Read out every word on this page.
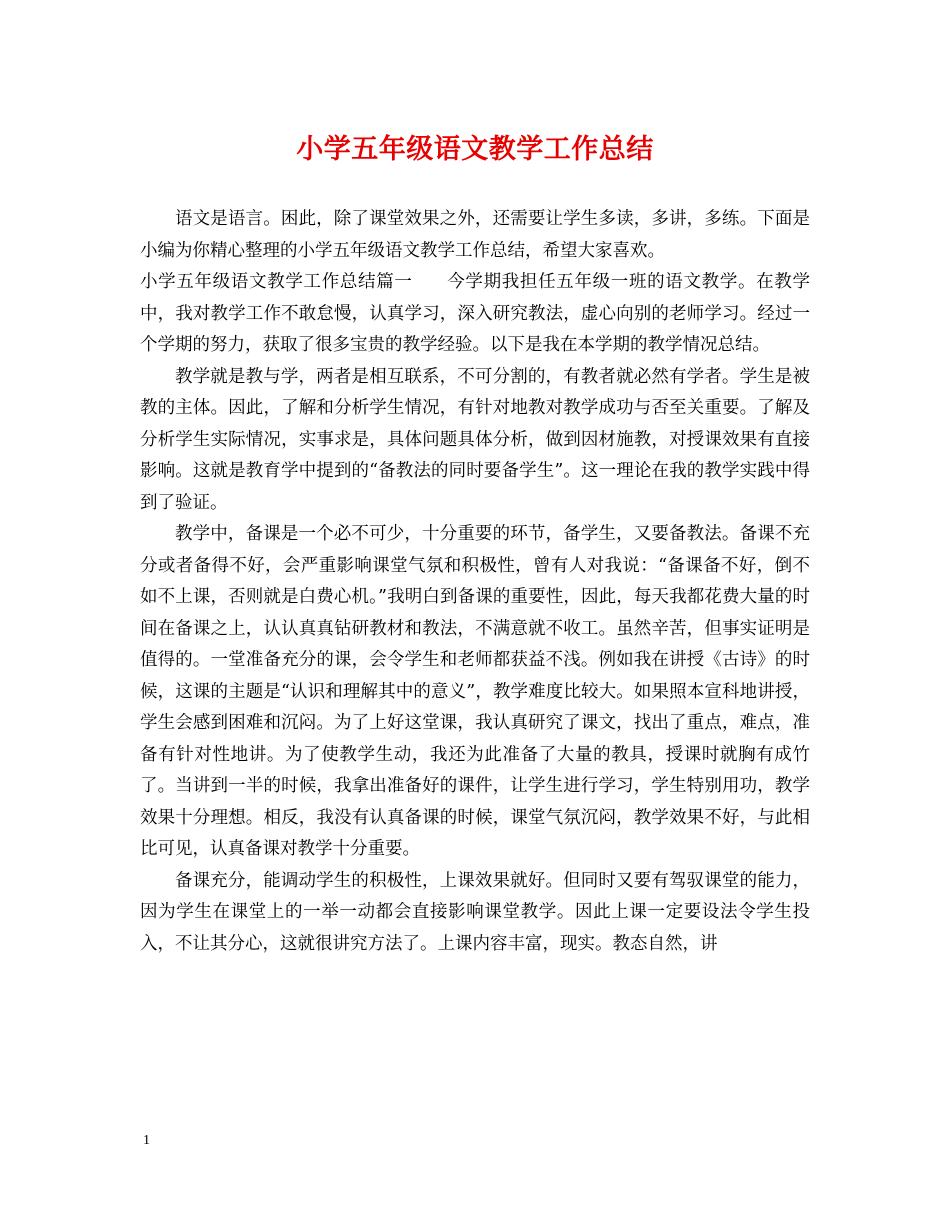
小学五年级语文教学工作总结

语文是语言。困此，除了课堂效果之外，还需要让学生多读，多讲，多练。下面是小编为你精心整理的小学五年级语文教学工作总结，希望大家喜欢。

小学五年级语文教学工作总结篇一 今学期我担任五年级一班的语文教学。在教学中，我对教学工作不敢怠慢，认真学习，深入研究教法，虚心向别的老师学习。经过一个学期的努力，获取了很多宝贵的教学经验。以下是我在本学期的教学情况总结。

教学就是教与学，两者是相互联系，不可分割的，有教者就必然有学者。学生是被教的主体。因此，了解和分析学生情况，有针对地教对教学成功与否至关重要。了解及分析学生实际情况，实事求是，具体问题具体分析，做到因材施教，对授课效果有直接影响。这就是教育学中提到的“备教法的同时要备学生”。这一理论在我的教学实践中得到了验证。

教学中，备课是一个必不可少，十分重要的环节，备学生，又要备教法。备课不充分或者备得不好，会严重影响课堂气氛和积极性，曾有人对我说：“备课备不好，倒不如不上课，否则就是白费心机。”我明白到备课的重要性，因此，每天我都花费大量的时间在备课之上，认认真真钻研教材和教法，不满意就不收工。虽然辛苦，但事实证明是值得的。一堂准备充分的课，会令学生和老师都获益不浅。例如我在讲授《古诗》的时候，这课的主题是“认识和理解其中的意义”，教学难度比较大。如果照本宣科地讲授，学生会感到困难和沉闷。为了上好这堂课，我认真研究了课文，找出了重点，难点，准备有针对性地讲。为了使教学生动，我还为此准备了大量的教具，授课时就胸有成竹了。当讲到一半的时候，我拿出准备好的课件，让学生进行学习，学生特别用功，教学效果十分理想。相反，我没有认真备课的时候，课堂气氛沉闷，教学效果不好，与此相比可见，认真备课对教学十分重要。

备课充分，能调动学生的积极性，上课效果就好。但同时又要有驾驭课堂的能力，因为学生在课堂上的一举一动都会直接影响课堂教学。因此上课一定要设法令学生投入，不让其分心，这就很讲究方法了。上课内容丰富，现实。教态自然，讲

1
